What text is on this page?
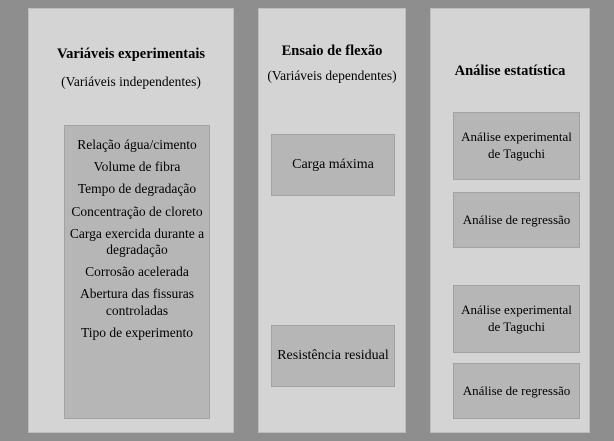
Variáveis experimentais
(Variáveis independentes)
Relação água/cimento
Volume de fibra
Tempo de degradação
Concentração de cloreto
Carga exercida durante a degradação
Corrosão acelerada
Abertura das fissuras controladas
Tipo de experimento
Ensaio de flexão
(Variáveis dependentes)
Carga máxima
Resistência residual
Análise estatística
Análise experimental de Taguchi
Análise de regressão
Análise experimental de Taguchi
Análise de regressão
